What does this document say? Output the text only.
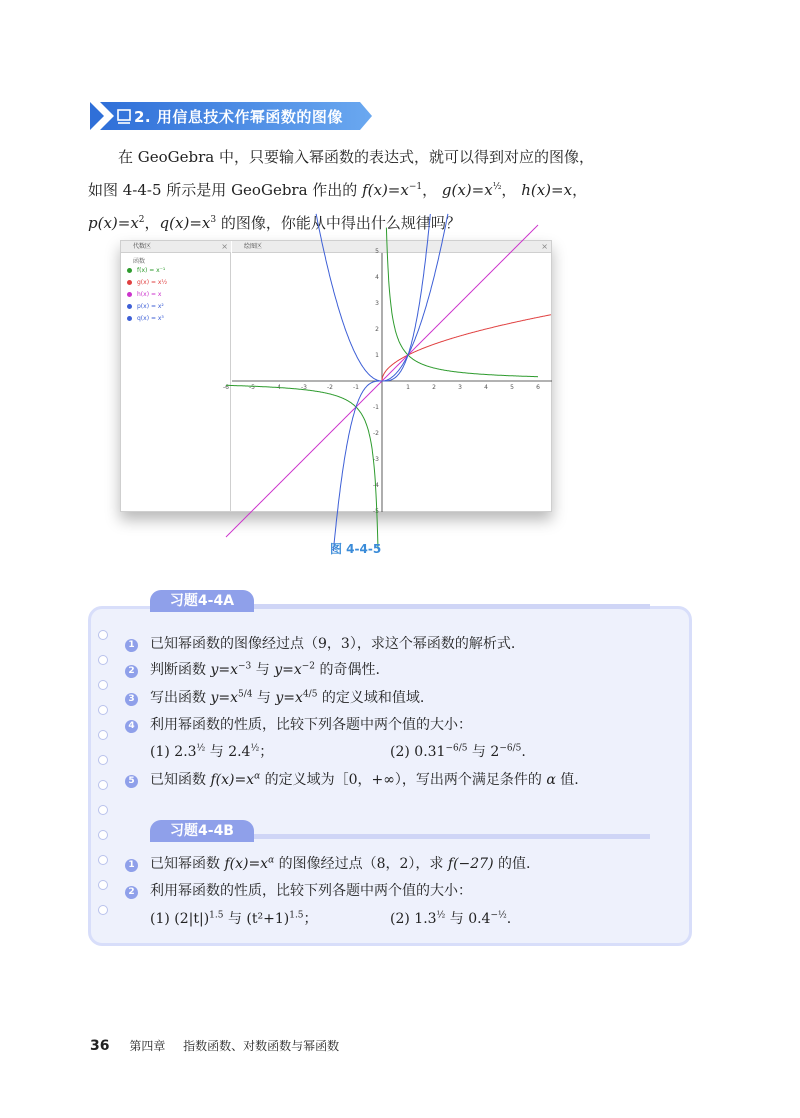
2. 用信息技术作幂函数的图像
在 GeoGebra 中，只要输入幂函数的表达式，就可以得到对应的图像，
如图 4-4-5 所示是用 GeoGebra 作出的 $f(x)=x^{-1}$， $g(x)=x^{\frac{1}{2}}$， h(x)=x，
$p(x)=x^2$，$q(x)=x^3$ 的图像，你能从中得出什么规律吗？
代数区	×	绘图区	×
函数
f(x) = x⁻¹
g(x) = x½
h(x) = x
p(x) = x²
q(x) = x³
-6	-5	-4	-3	-2	-1	1	2	3	4	5	6
5
4
3
2
1
-1
-2
-3
-4
-5
图 4-4-5
习题4-4A
习题4-4B
1 已知幂函数的图像经过点（9，3），求这个幂函数的解析式.
2 判断函数 $y=x^{-3}$ 与 $y=x^{-2}$ 的奇偶性.
3 写出函数 $y=x^{5/4}$ 与 $y=x^{4/5}$ 的定义域和值域.
4 利用幂函数的性质，比较下列各题中两个值的大小：
(1) $2.3^{\frac{1}{2}}$ 与 $2.4^{\frac{1}{2}}$；	(2) $0.31^{-6/5}$ 与 $2^{-6/5}$.
5 已知函数 $f(x)=x^\alpha$ 的定义域为［0，+∞），写出两个满足条件的 α 值.
1 已知幂函数 $f(x)=x^\alpha$ 的图像经过点（8，2），求 f(−27) 的值.
2 利用幂函数的性质，比较下列各题中两个值的大小：
(1) $(2|t|)^{1.5}$ 与 $(t^2+1)^{1.5}$；	(2) $1.3^{\frac{1}{2}}$ 与 $0.4^{-\frac{1}{2}}$.
36 第四章 指数函数、对数函数与幂函数
